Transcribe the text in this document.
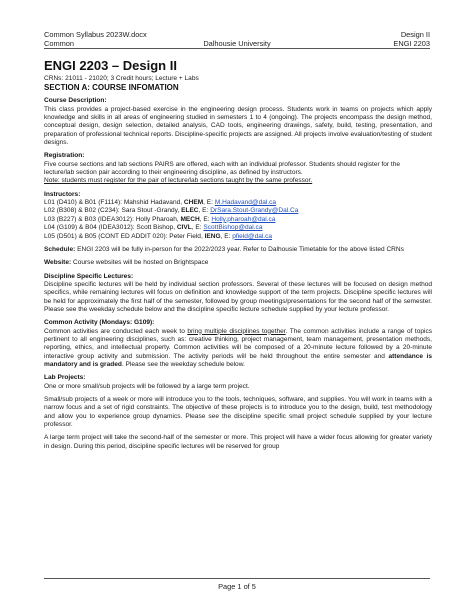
Common Syllabus 2023W.docx
Common	Dalhousie University
Design II
ENGI 2203
ENGI 2203 – Design II

CRNs: 21011 - 21020; 3 Credit hours; Lecture + Labs

SECTION A: COURSE INFOMATION
Course Description:

This class provides a project-based exercise in the engineering design process. Students work in teams on projects which apply knowledge and skills in all areas of engineering studied in semesters 1 to 4 (ongoing). The projects encompass the design method, conceptual design, design selection, detailed analysis, CAD tools, engineering drawings, safety, build, testing, presentation, and preparation of professional technical reports. Discipline-specific projects are assigned. All projects involve evaluation/testing of student designs.

Registration:

Five course sections and lab sections PAIRS are offered, each with an individual professor. Students should register for the lecture/lab section pair according to their engineering discipline, as defined by instructors.
Note: students must register for the pair of lecture/lab sections taught by the same professor.

Instructors:
L01 (D410) & B01 (F1114): Mahshid Hadavand, CHEM, E: M.Hadavand@dal.ca
L02 (B308) & B02 (C234): Sara Stout -Grandy, ELEC, E: DrSara.Stout-Grandy@Dal.Ca
L03 (B227) & B03 (IDEA3012): Holly Pharoah, MECH, E: Holly.pharoah@dal.ca
L04 (G109) & B04 (IDEA3012): Scott Bishop, CIVL, E: ScottBishop@dal.ca
L05 (D501) & B05 (CONT ED ADDIT 020): Peter Field, IENG, E: pfield@dal.ca

Schedule: ENGI 2203 will be fully in-person for the 2022/2023 year. Refer to Dalhousie Timetable for the above listed CRNs

Website: Course websites will be hosted on Brightspace

Discipline Specific Lectures:

Discipline specific lectures will be held by individual section professors. Several of these lectures will be focused on design method specifics, while remaining lectures will focus on definition and knowledge support of the term projects. Discipline specific lectures will be held for approximately the first half of the semester, followed by group meetings/presentations for the second half of the semester. Please see the weekday schedule below and the discipline specific lecture schedule supplied by your lecture professor.

Common Activity (Mondays: G109):

Common activities are conducted each week to bring multiple disciplines together. The common activities include a range of topics pertinent to all engineering disciplines, such as: creative thinking, project management, team management, presentation methods, reporting, ethics, and intellectual property. Common activities will be composed of a 20-minute lecture followed by a 20-minute interactive group activity and submission. The activity periods will be held throughout the entire semester and attendance is mandatory and is graded. Please see the weekday schedule below.

Lab Projects:

One or more small/sub projects will be followed by a large term project.

Small/sub projects of a week or more will introduce you to the tools, techniques, software, and supplies. You will work in teams with a narrow focus and a set of rigid constraints. The objective of these projects is to introduce you to the design, build, test methodology and allow you to experience group dynamics. Please see the discipline specific small project schedule supplied by your lecture professor.

A large term project will take the second-half of the semester or more. This project will have a wider focus allowing for greater variety in design. During this period, discipline specific lectures will be reserved for group

Page 1 of 5
